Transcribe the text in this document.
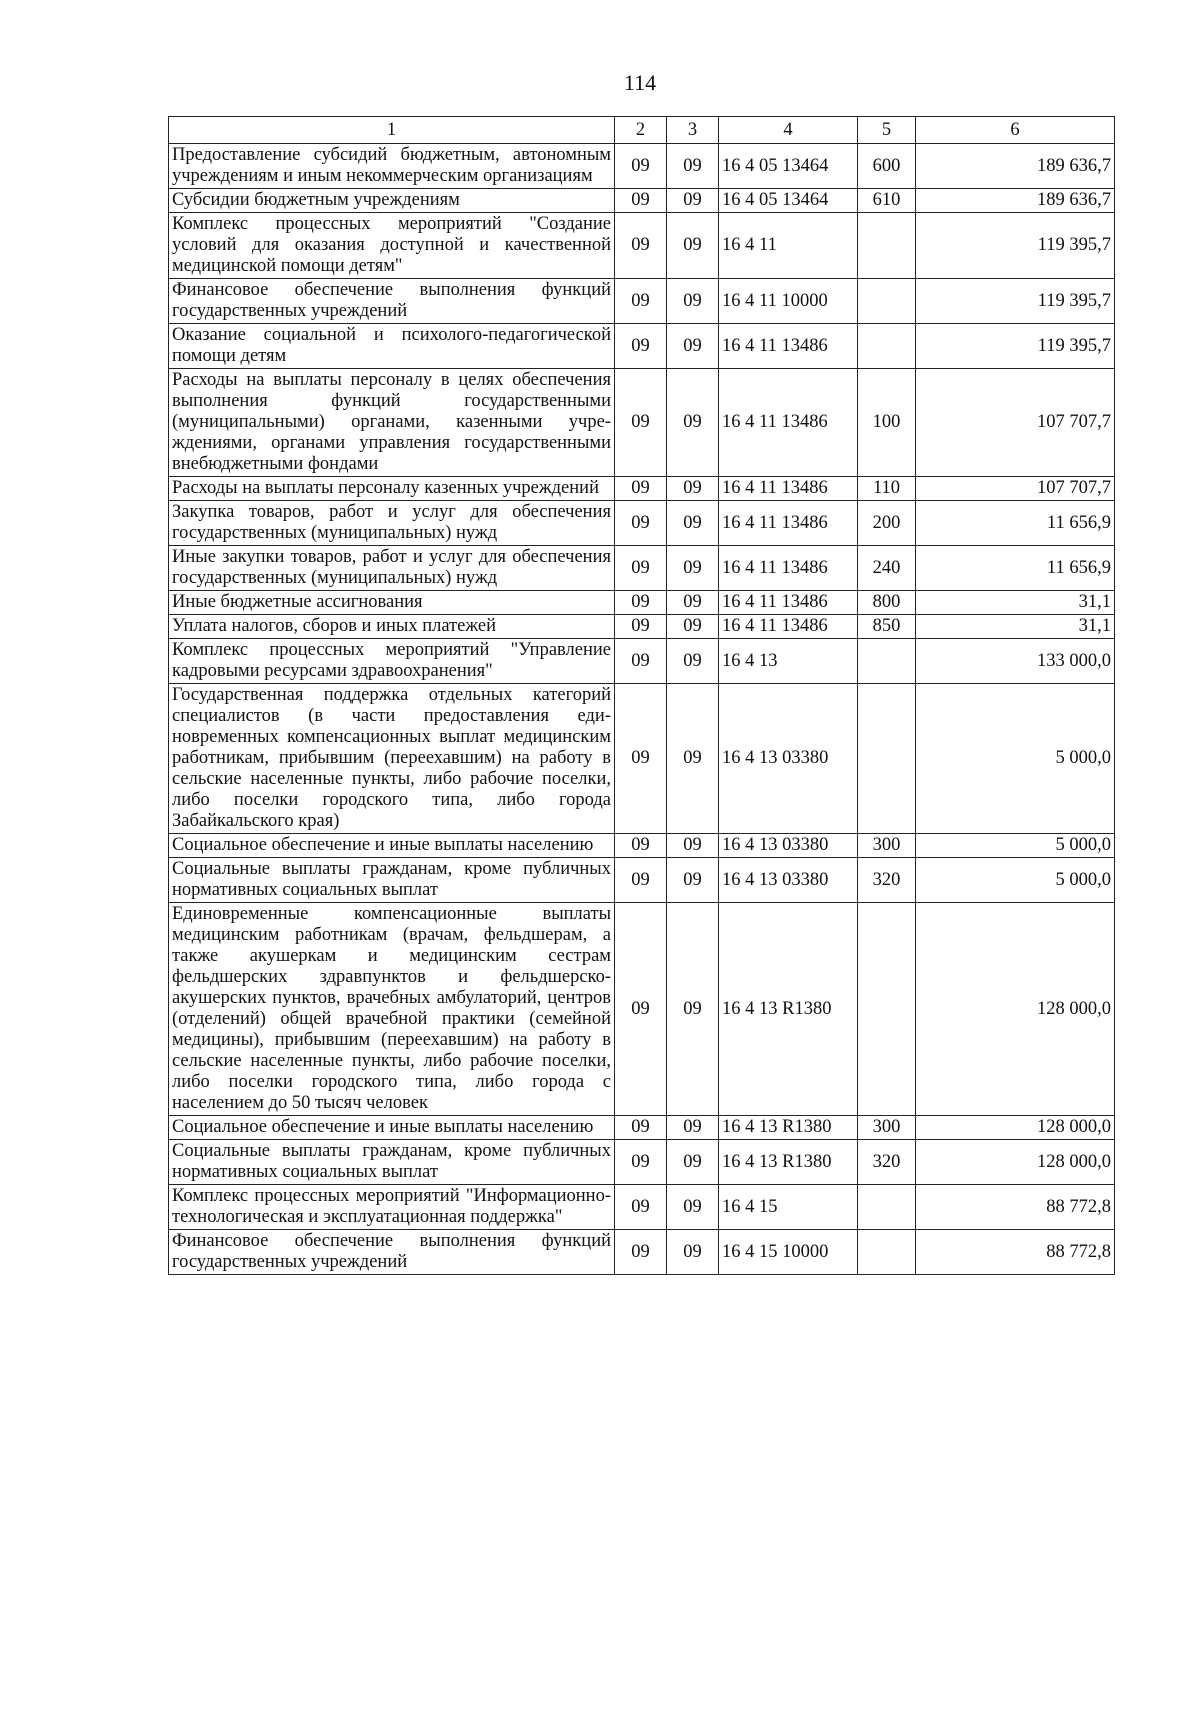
114
1	2	3	4	5	6
Предоставление субсидий бюджетным, автономным учреждениям и иным некоммерческим организациям	09	09	16 4 05 13464	600	189 636,7
Субсидии бюджетным учреждениям	09	09	16 4 05 13464	610	189 636,7
Комплекс процессных мероприятий "Создание условий для оказания доступной и качественной медицинской помощи детям"	09	09	16 4 11		119 395,7
Финансовое обеспечение выполнения функций государственных учреждений	09	09	16 4 11 10000		119 395,7
Оказание социальной и психолого-педагогической помощи детям	09	09	16 4 11 13486		119 395,7
Расходы на выплаты персоналу в целях обеспечения выполнения функций государственными (муниципальными) органами, казенными учреждениями, органами управления государственными внебюджетными фондами	09	09	16 4 11 13486	100	107 707,7
Расходы на выплаты персоналу казенных учреждений	09	09	16 4 11 13486	110	107 707,7
Закупка товаров, работ и услуг для обеспечения государственных (муниципальных) нужд	09	09	16 4 11 13486	200	11 656,9
Иные закупки товаров, работ и услуг для обеспечения государственных (муниципальных) нужд	09	09	16 4 11 13486	240	11 656,9
Иные бюджетные ассигнования	09	09	16 4 11 13486	800	31,1
Уплата налогов, сборов и иных платежей	09	09	16 4 11 13486	850	31,1
Комплекс процессных мероприятий "Управление кадровыми ресурсами здравоохранения"	09	09	16 4 13		133 000,0
Государственная поддержка отдельных категорий специалистов (в части предоставления единовременных компенсационных выплат медицинским работникам, прибывшим (переехавшим) на работу в сельские населенные пункты, либо рабочие поселки, либо поселки городского типа, либо города Забайкальского края)	09	09	16 4 13 03380		5 000,0
Социальное обеспечение и иные выплаты населению	09	09	16 4 13 03380	300	5 000,0
Социальные выплаты гражданам, кроме публичных нормативных социальных выплат	09	09	16 4 13 03380	320	5 000,0
Единовременные компенсационные выплаты медицинским работникам (врачам, фельдшерам, а также акушеркам и медицинским сестрам фельдшерских здравпунктов и фельдшерско-акушерских пунктов, врачебных амбулаторий, центров (отделений) общей врачебной практики (семейной медицины), прибывшим (переехавшим) на работу в сельские населенные пункты, либо рабочие поселки, либо поселки городского типа, либо города с населением до 50 тысяч человек	09	09	16 4 13 R1380		128 000,0
Социальное обеспечение и иные выплаты населению	09	09	16 4 13 R1380	300	128 000,0
Социальные выплаты гражданам, кроме публичных нормативных социальных выплат	09	09	16 4 13 R1380	320	128 000,0
Комплекс процессных мероприятий "Информационно-технологическая и эксплуатационная поддержка"	09	09	16 4 15		88 772,8
Финансовое обеспечение выполнения функций государственных учреждений	09	09	16 4 15 10000		88 772,8
